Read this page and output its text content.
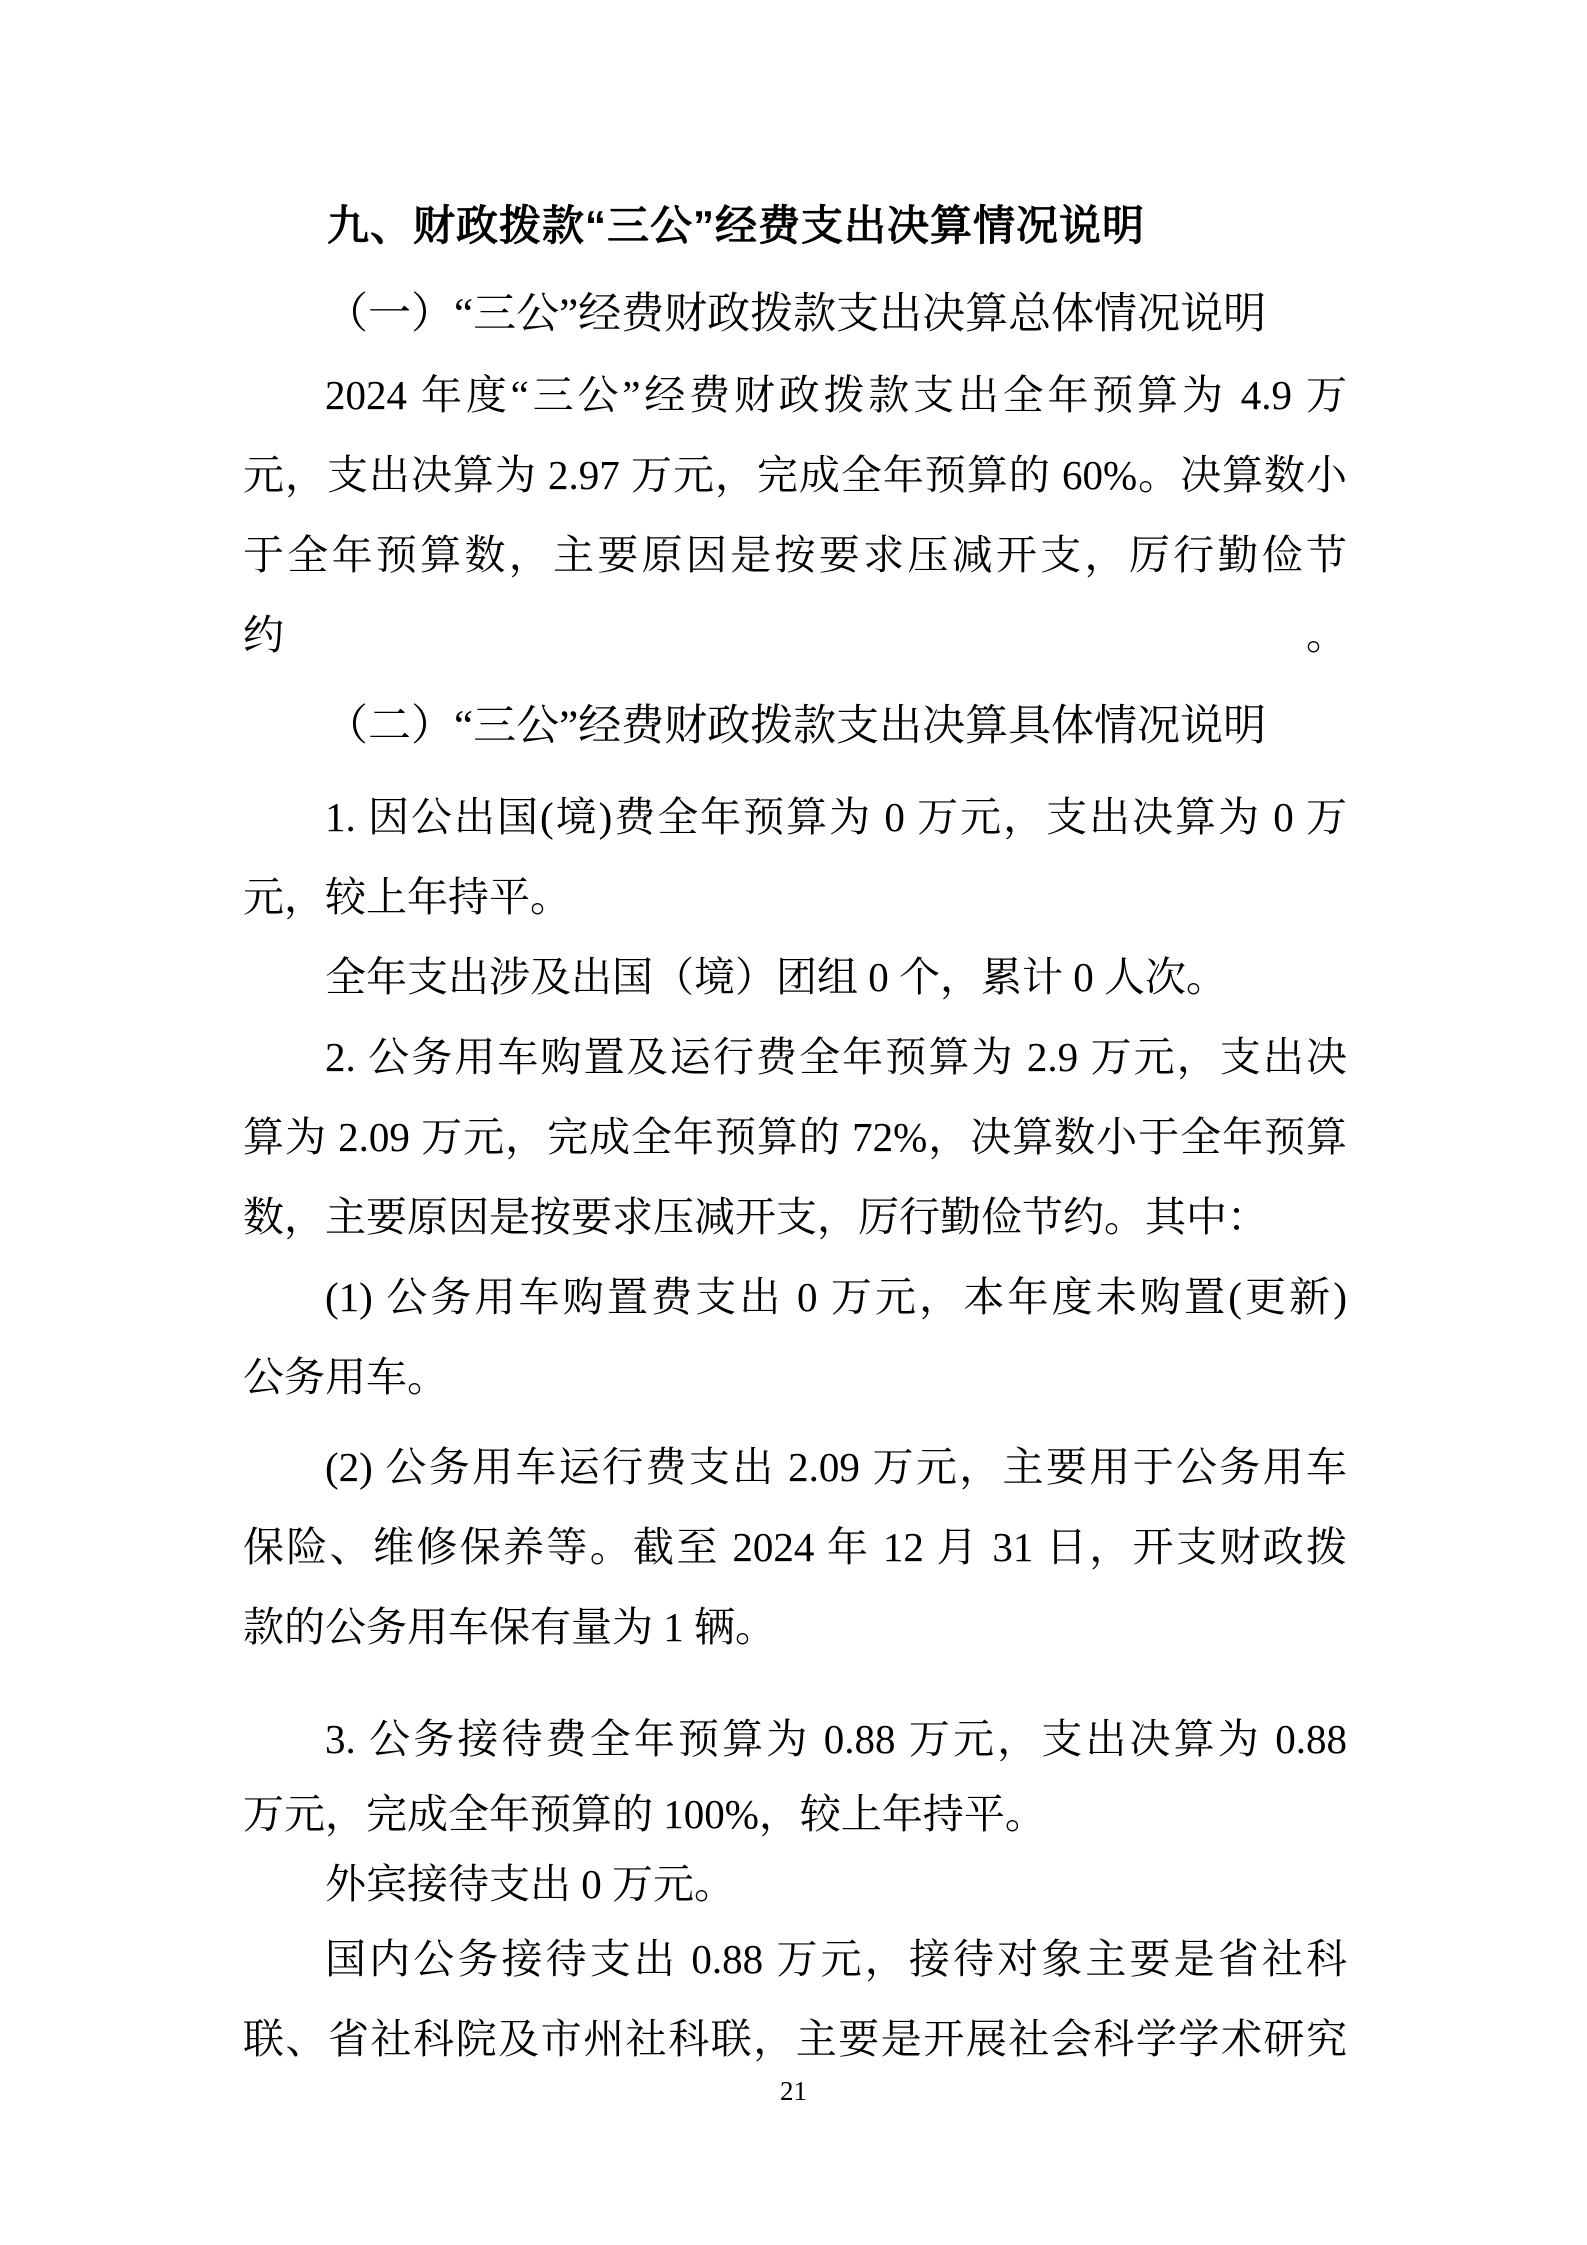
九、财政拨款“三公”经费支出决算情况说明
（一）“三公”经费财政拨款支出决算总体情况说明
2024 年度“三公”经费财政拨款支出全年预算为 4.9 万
元，支出决算为 2.97 万元，完成全年预算的 60%。决算数小
于全年预算数，主要原因是按要求压减开支，厉行勤俭节约。
（二）“三公”经费财政拨款支出决算具体情况说明
1. 因公出国(境)费全年预算为 0 万元，支出决算为 0 万
元，较上年持平。
全年支出涉及出国（境）团组 0 个，累计 0 人次。
2. 公务用车购置及运行费全年预算为 2.9 万元，支出决
算为 2.09 万元，完成全年预算的 72%，决算数小于全年预算
数，主要原因是按要求压减开支，厉行勤俭节约。其中：
(1) 公务用车购置费支出 0 万元，本年度未购置(更新)
公务用车。
(2) 公务用车运行费支出 2.09 万元，主要用于公务用车
保险、维修保养等。截至 2024 年 12 月 31 日，开支财政拨
款的公务用车保有量为 1 辆。
3. 公务接待费全年预算为 0.88 万元，支出决算为 0.88
万元，完成全年预算的 100%，较上年持平。
外宾接待支出 0 万元。
国内公务接待支出 0.88 万元，接待对象主要是省社科
联、省社科院及市州社科联，主要是开展社会科学学术研究
21
